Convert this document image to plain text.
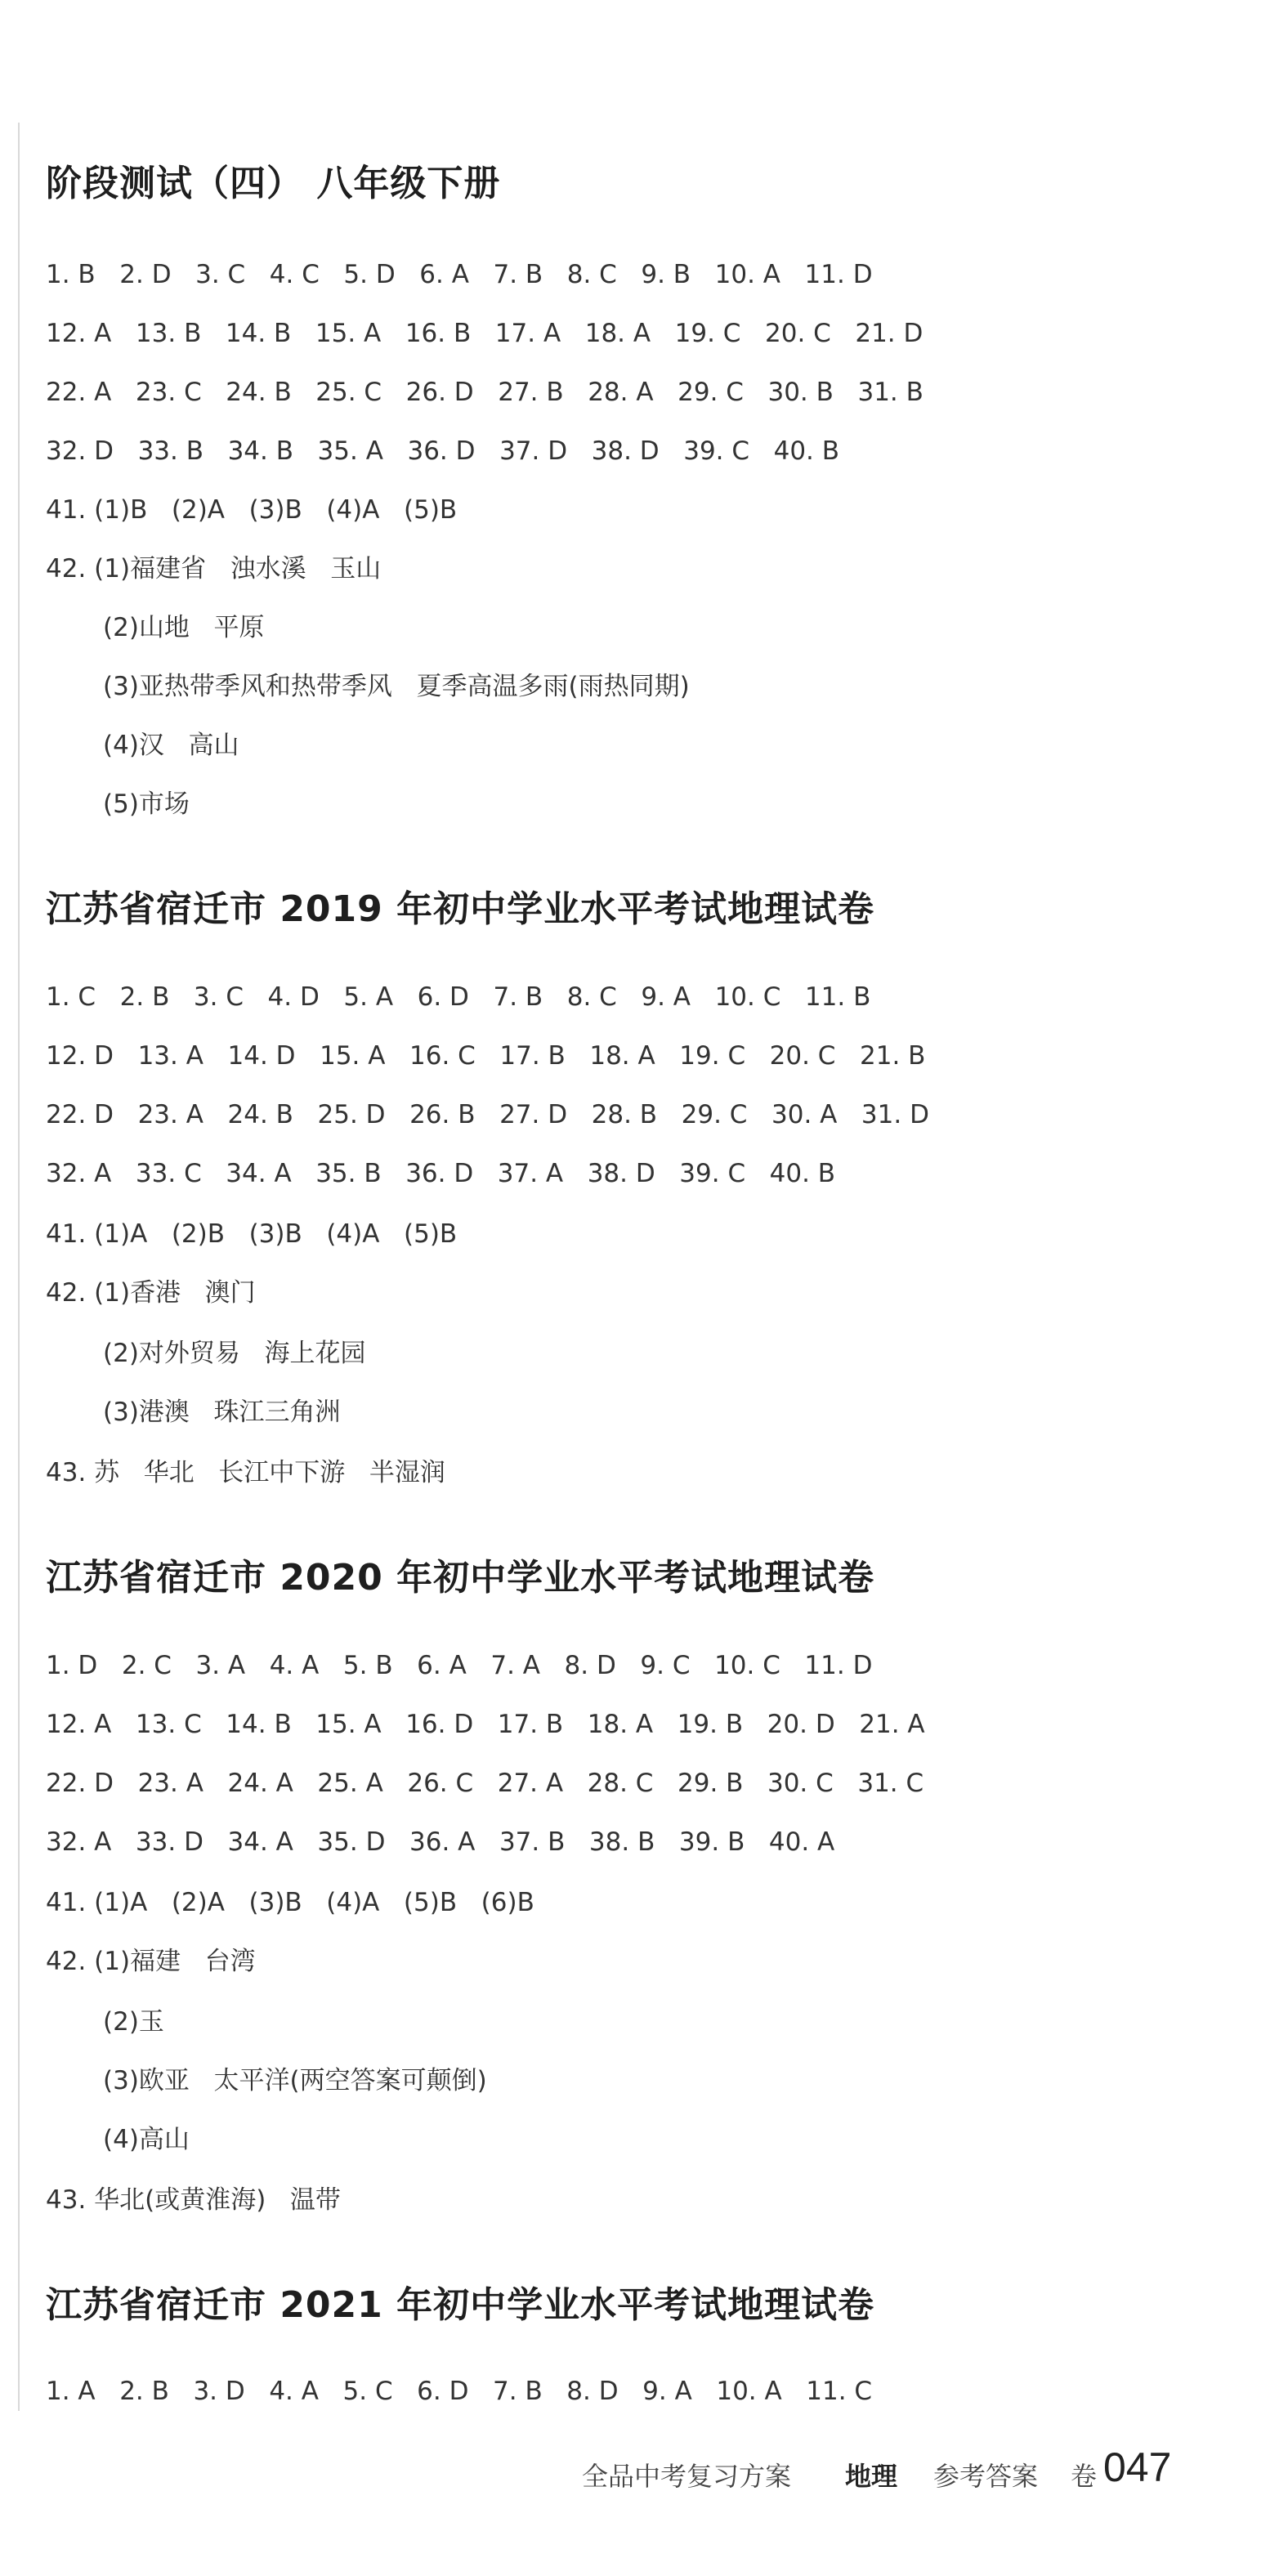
阶段测试（四） 八年级下册
1. B   2. D   3. C   4. C   5. D   6. A   7. B   8. C   9. B   10. A   11. D
12. A   13. B   14. B   15. A   16. B   17. A   18. A   19. C   20. C   21. D
22. A   23. C   24. B   25. C   26. D   27. B   28. A   29. C   30. B   31. B
32. D   33. B   34. B   35. A   36. D   37. D   38. D   39. C   40. B
41. (1)B   (2)A   (3)B   (4)A   (5)B
42. (1)福建省   浊水溪   玉山
(2)山地   平原
(3)亚热带季风和热带季风   夏季高温多雨(雨热同期)
(4)汉   高山
(5)市场
江苏省宿迁市 2019 年初中学业水平考试地理试卷
1. C   2. B   3. C   4. D   5. A   6. D   7. B   8. C   9. A   10. C   11. B
12. D   13. A   14. D   15. A   16. C   17. B   18. A   19. C   20. C   21. B
22. D   23. A   24. B   25. D   26. B   27. D   28. B   29. C   30. A   31. D
32. A   33. C   34. A   35. B   36. D   37. A   38. D   39. C   40. B
41. (1)A   (2)B   (3)B   (4)A   (5)B
42. (1)香港   澳门
(2)对外贸易   海上花园
(3)港澳   珠江三角洲
43. 苏   华北   长江中下游   半湿润
江苏省宿迁市 2020 年初中学业水平考试地理试卷
1. D   2. C   3. A   4. A   5. B   6. A   7. A   8. D   9. C   10. C   11. D
12. A   13. C   14. B   15. A   16. D   17. B   18. A   19. B   20. D   21. A
22. D   23. A   24. A   25. A   26. C   27. A   28. C   29. B   30. C   31. C
32. A   33. D   34. A   35. D   36. A   37. B   38. B   39. B   40. A
41. (1)A   (2)A   (3)B   (4)A   (5)B   (6)B
42. (1)福建   台湾
(2)玉
(3)欧亚   太平洋(两空答案可颠倒)
(4)高山
43. 华北(或黄淮海)   温带
江苏省宿迁市 2021 年初中学业水平考试地理试卷
1. A   2. B   3. D   4. A   5. C   6. D   7. B   8. D   9. A   10. A   11. C
全品中考复习方案 地理 参考答案 卷 047
